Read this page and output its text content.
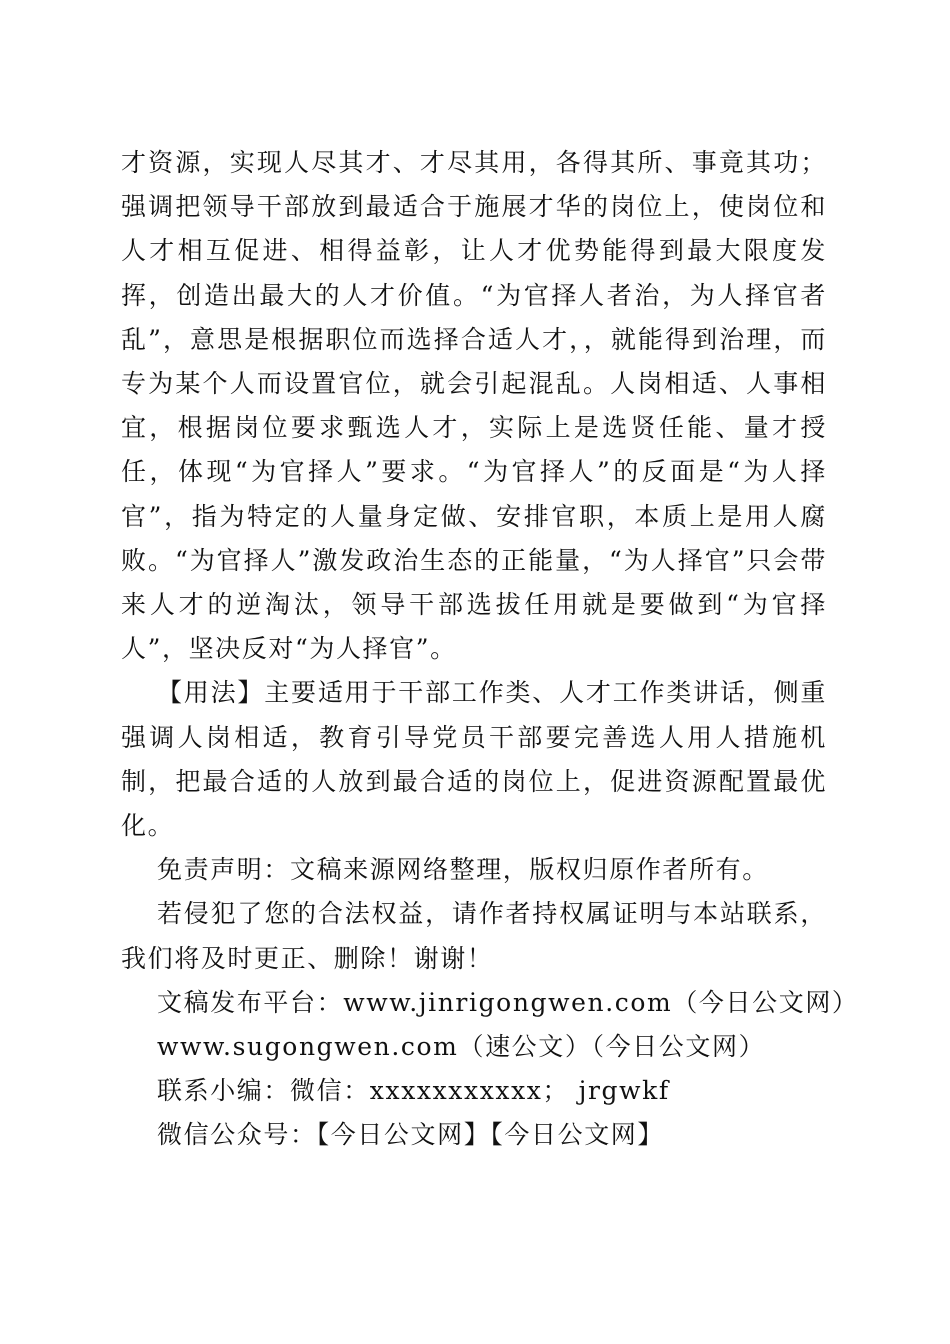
才资源，实现人尽其才、才尽其用，各得其所、事竟其功；强调把领导干部放到最适合于施展才华的岗位上，使岗位和人才相互促进、相得益彰，让人才优势能得到最大限度发挥，创造出最大的人才价值。“为官择人者治，为人择官者乱”，意思是根据职位而选择合适人才，，就能得到治理，而专为某个人而设置官位，就会引起混乱。人岗相适、人事相宜，根据岗位要求甄选人才，实际上是选贤任能、量才授任，体现“为官择人”要求。“为官择人”的反面是“为人择官”，指为特定的人量身定做、安排官职，本质上是用人腐败。“为官择人”激发政治生态的正能量，“为人择官”只会带来人才的逆淘汰，领导干部选拔任用就是要做到“为官择人”，坚决反对“为人择官”。

【用法】主要适用于干部工作类、人才工作类讲话，侧重强调人岗相适，教育引导党员干部要完善选人用人措施机制，把最合适的人放到最合适的岗位上，促进资源配置最优化。

免责声明：文稿来源网络整理，版权归原作者所有。

若侵犯了您的合法权益，请作者持权属证明与本站联系，我们将及时更正、删除！谢谢！

文稿发布平台：www.jinrigongwen.com（今日公文网）

www.sugongwen.com（速公文）（今日公文网）

联系小编：微信：xxxxxxxxxxx； jrgwkf

微信公众号：【今日公文网】【今日公文网】
